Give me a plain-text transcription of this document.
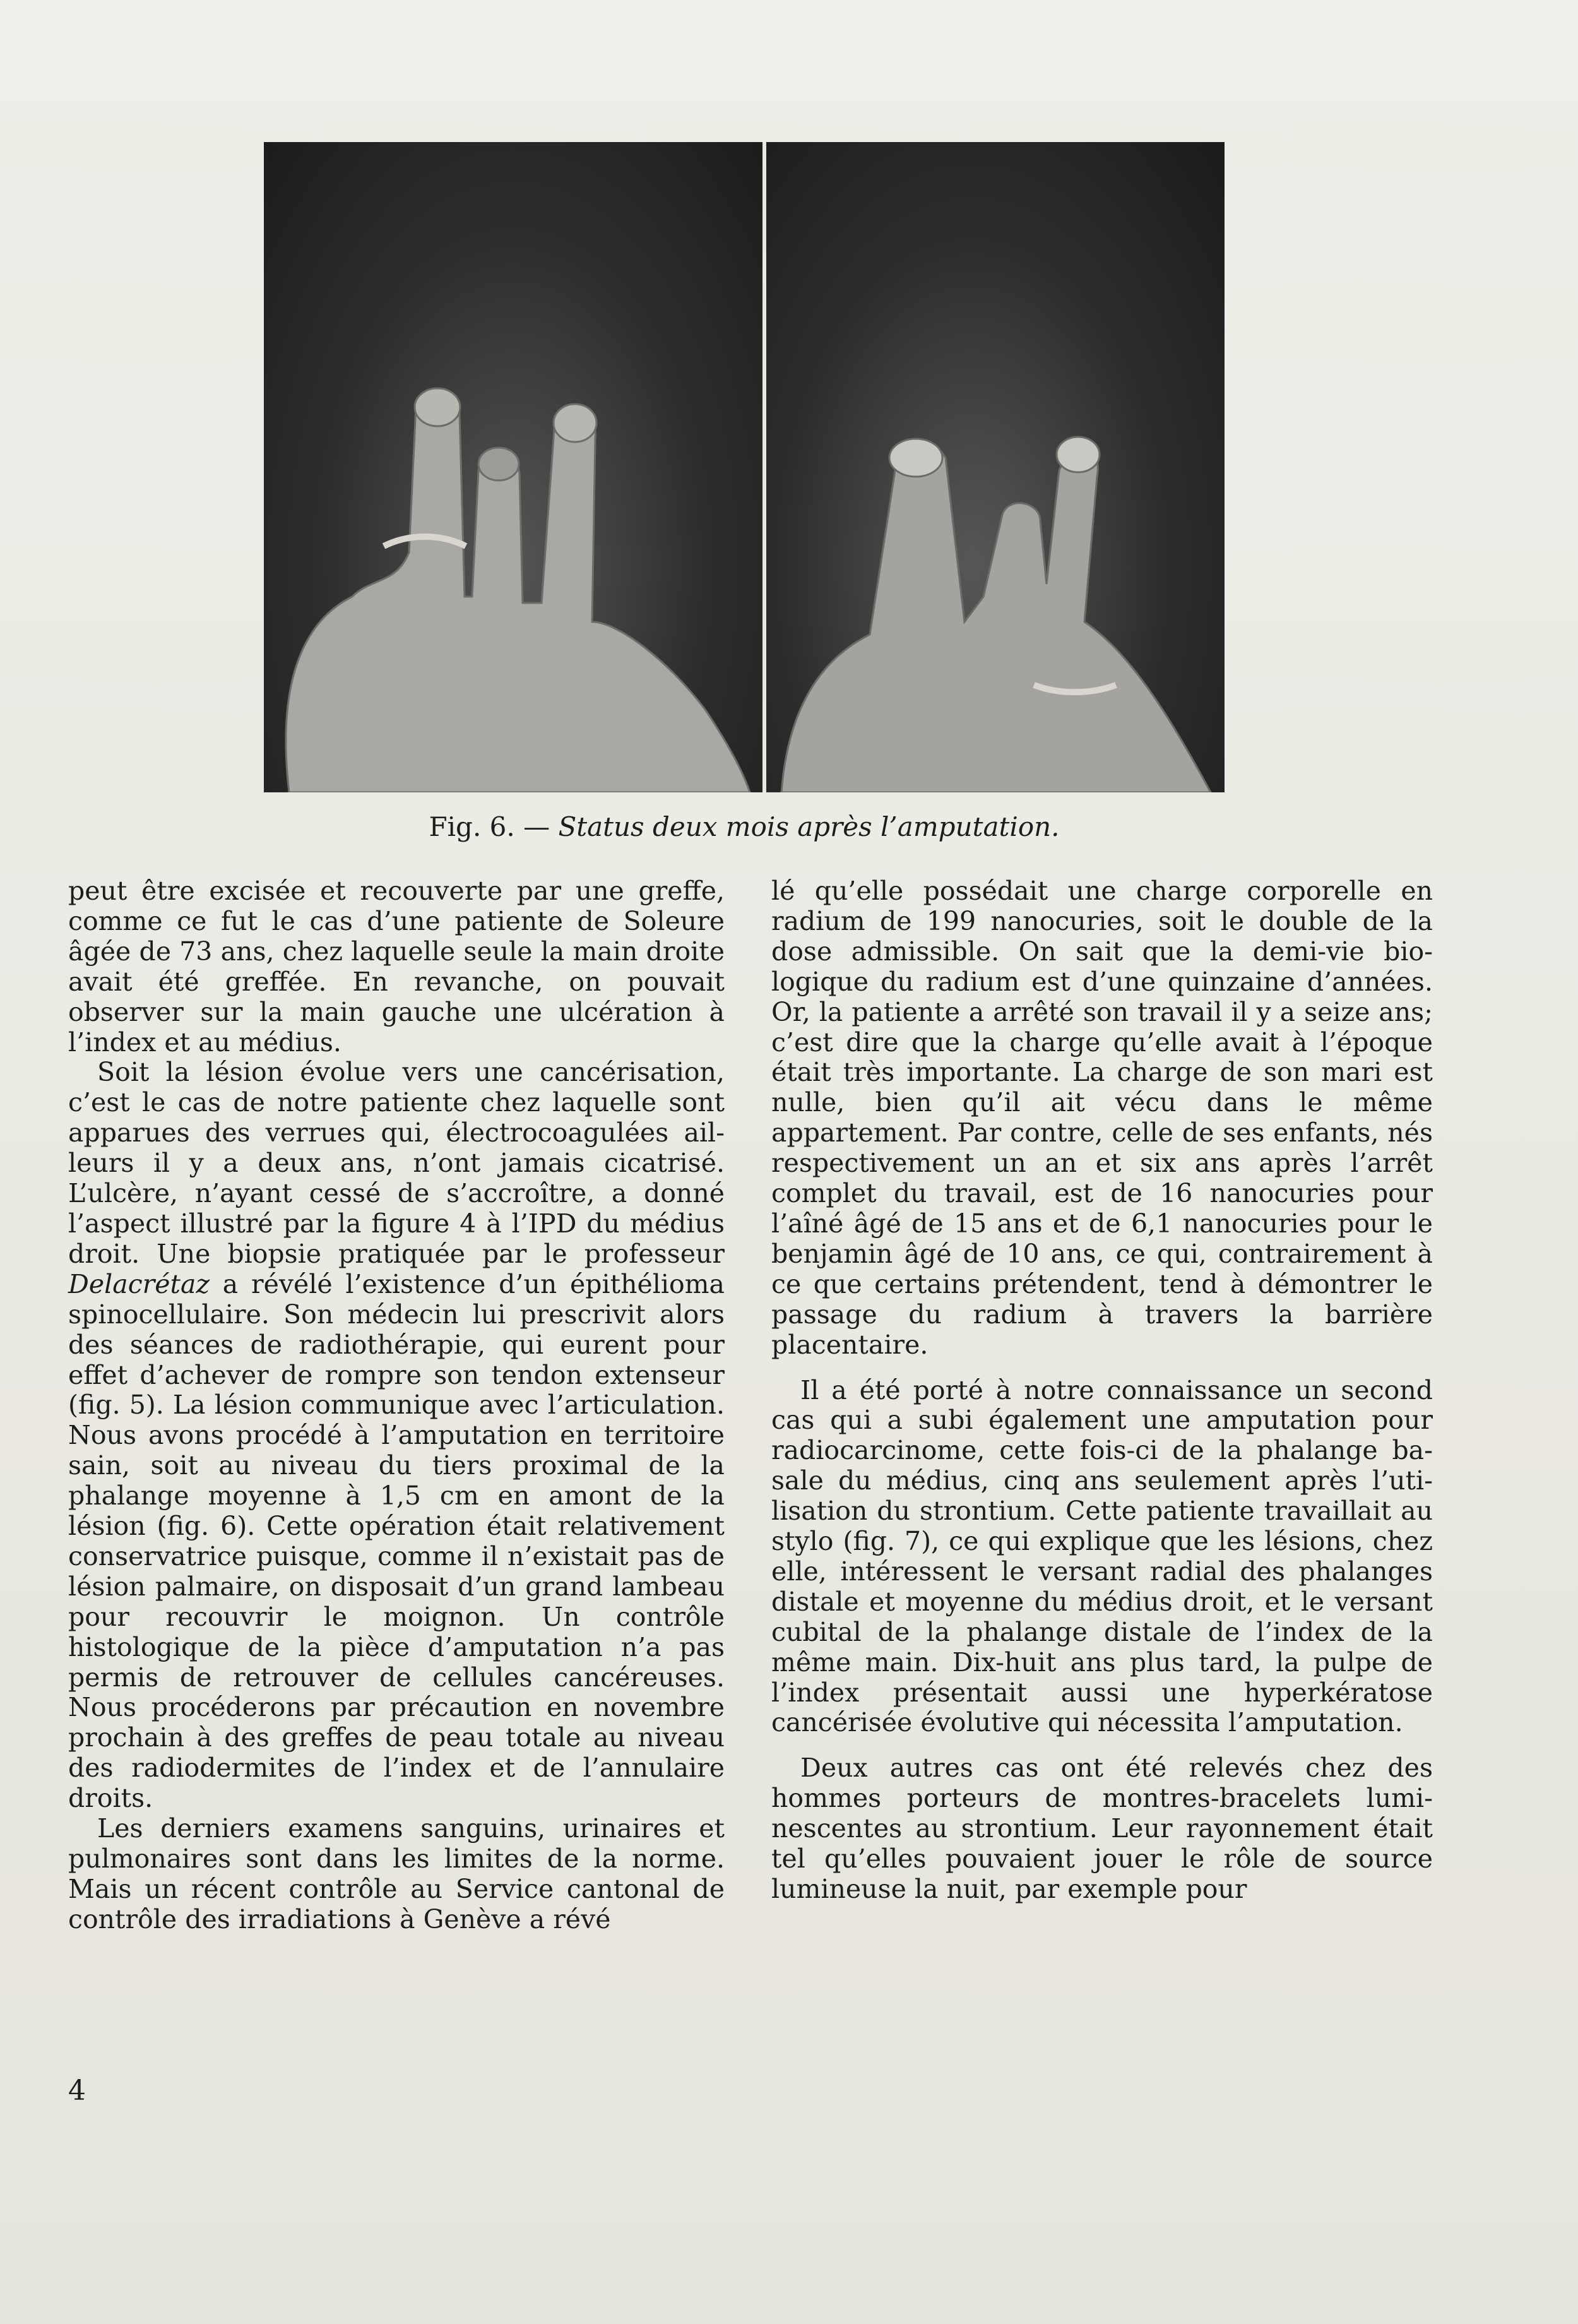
Fig. 6. — Status deux mois après l’amputation.

peut être excisée et recouverte par une greffe, comme ce fut le cas d’une patiente de Soleure âgée de 73 ans, chez laquelle seule la main droite avait été greffée. En revanche, on pouvait observer sur la main gauche une ulcération à l’index et au médius.

Soit la lésion évolue vers une cancérisation, c’est le cas de notre patiente chez laquelle sont apparues des verrues qui, électrocoagulées ailleurs il y a deux ans, n’ont jamais cicatrisé. L’ulcère, n’ayant cessé de s’accroître, a donné l’aspect illustré par la figure 4 à l’IPD du médius droit. Une biopsie pratiquée par le professeur Delacrétaz a révélé l’existence d’un épithélioma spinocellulaire. Son médecin lui prescrivit alors des séances de radiothérapie, qui eurent pour effet d’achever de rompre son tendon extenseur (fig. 5). La lésion communique avec l’articulation. Nous avons procédé à l’amputation en territoire sain, soit au niveau du tiers proximal de la phalange moyenne à 1,5 cm en amont de la lésion (fig. 6). Cette opération était relativement conservatrice puisque, comme il n’existait pas de lésion palmaire, on disposait d’un grand lambeau pour recouvrir le moignon. Un contrôle histologique de la pièce d’amputation n’a pas permis de retrouver de cellules cancéreuses. Nous procéderons par précaution en novembre prochain à des greffes de peau totale au niveau des radiodermites de l’index et de l’annulaire droits.

Les derniers examens sanguins, urinaires et pulmonaires sont dans les limites de la norme. Mais un récent contrôle au Service cantonal de contrôle des irradiations à Genève a révé

lé qu’elle possédait une charge corporelle en radium de 199 nanocuries, soit le double de la dose admissible. On sait que la demi-vie biologique du radium est d’une quinzaine d’années. Or, la patiente a arrêté son travail il y a seize ans; c’est dire que la charge qu’elle avait à l’époque était très importante. La charge de son mari est nulle, bien qu’il ait vécu dans le même appartement. Par contre, celle de ses enfants, nés respectivement un an et six ans après l’arrêt complet du travail, est de 16 nanocuries pour l’aîné âgé de 15 ans et de 6,1 nanocuries pour le benjamin âgé de 10 ans, ce qui, contrairement à ce que certains prétendent, tend à démontrer le passage du radium à travers la barrière placentaire.

Il a été porté à notre connaissance un second cas qui a subi également une amputation pour radiocarcinome, cette fois-ci de la phalange basale du médius, cinq ans seulement après l’utilisation du strontium. Cette patiente travaillait au stylo (fig. 7), ce qui explique que les lésions, chez elle, intéressent le versant radial des phalanges distale et moyenne du médius droit, et le versant cubital de la phalange distale de l’index de la même main. Dix-huit ans plus tard, la pulpe de l’index présentait aussi une hyperkératose cancérisée évolutive qui nécessita l’amputation.

Deux autres cas ont été relevés chez des hommes porteurs de montres-bracelets luminescentes au strontium. Leur rayonnement était tel qu’elles pouvaient jouer le rôle de source lumineuse la nuit, par exemple pour

4
